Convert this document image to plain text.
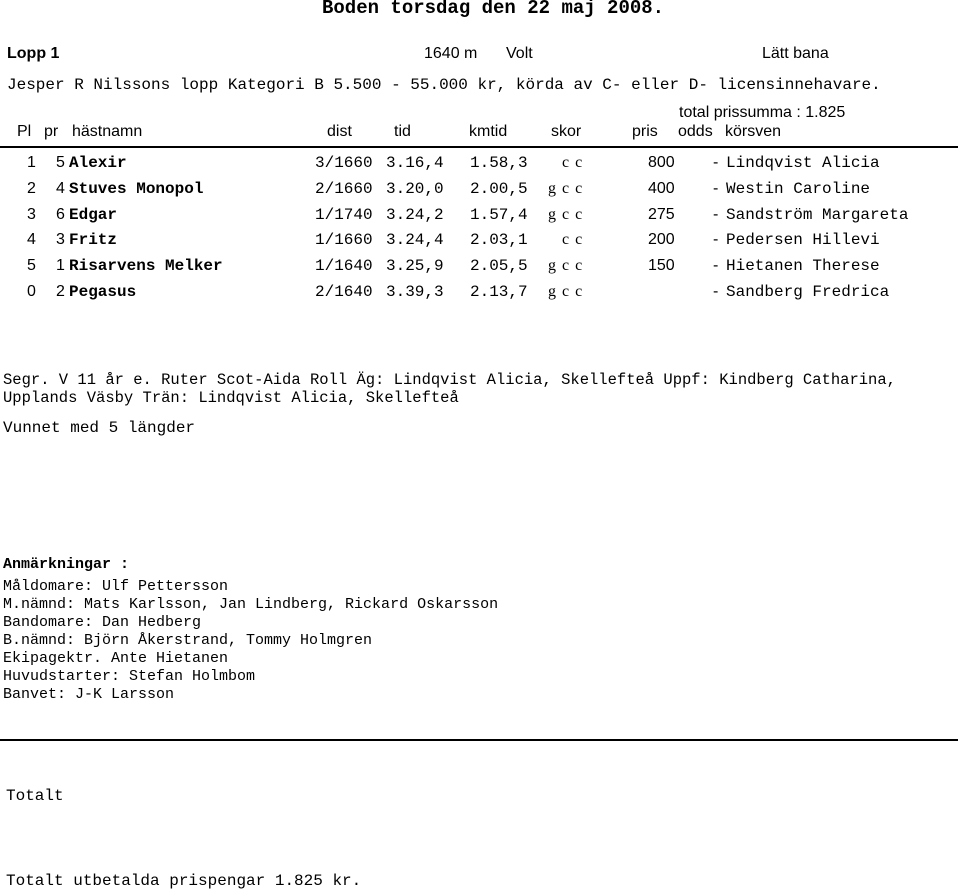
Boden torsdag den 22 maj 2008.
Lopp 1	1640 m Volt	Lätt bana
Jesper R Nilssons lopp Kategori B 5.500 - 55.000 kr, körda av C- eller D- licensinnehavare.
total prissumma : 1.825
Pl pr hästnamn	dist	tid	kmtid	skor	pris odds körsven
1 5 Alexir	3/1660 3.16,4 1.58,3 c c	800 - Lindqvist Alicia
2 4 Stuves Monopol	2/1660 3.20,0 2.00,5 g c c	400 - Westin Caroline
3 6 Edgar	1/1740 3.24,2 1.57,4 g c c	275 - Sandström Margareta
4 3 Fritz	1/1660 3.24,4 2.03,1 c c	200 - Pedersen Hillevi
5 1 Risarvens Melker	1/1640 3.25,9 2.05,5 g c c	150 - Hietanen Therese
0 2 Pegasus	2/1640 3.39,3 2.13,7 g c c	- Sandberg Fredrica
Segr. V 11 år e. Ruter Scot-Aida Roll Äg: Lindqvist Alicia, Skellefteå Uppf: Kindberg Catharina, Upplands Väsby Trän: Lindqvist Alicia, Skellefteå
Vunnet med 5 längder
Anmärkningar :
Måldomare: Ulf Pettersson
M.nämnd: Mats Karlsson, Jan Lindberg, Rickard Oskarsson
Bandomare: Dan Hedberg
B.nämnd: Björn Åkerstrand, Tommy Holmgren
Ekipagektr. Ante Hietanen
Huvudstarter: Stefan Holmbom
Banvet: J-K Larsson
Totalt
Totalt utbetalda prispengar 1.825 kr.
